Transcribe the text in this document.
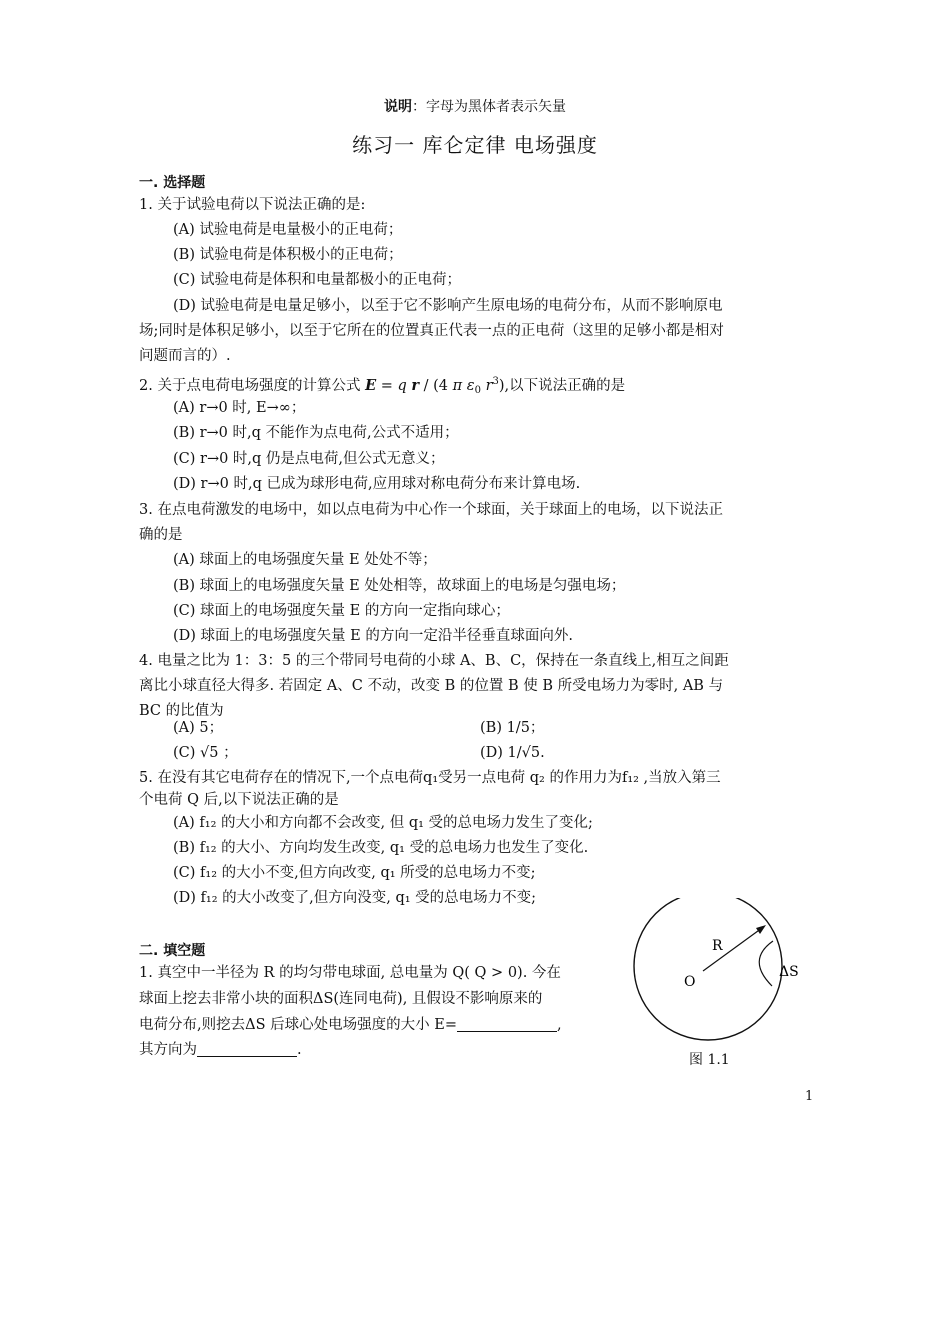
说明：字母为黑体者表示矢量
练习一 库仑定律 电场强度
一. 选择题
1. 关于试验电荷以下说法正确的是:
(A) 试验电荷是电量极小的正电荷；
(B) 试验电荷是体积极小的正电荷；
(C) 试验电荷是体积和电量都极小的正电荷；
(D) 试验电荷是电量足够小，以至于它不影响产生原电场的电荷分布，从而不影响原电
场;同时是体积足够小，以至于它所在的位置真正代表一点的正电荷（这里的足够小都是相对
问题而言的）.
2. 关于点电荷电场强度的计算公式 E = q r / (4 π $\varepsilon_0$ $r^3$),以下说法正确的是
(A) r→0 时, E→∞；
(B) r→0 时,q 不能作为点电荷,公式不适用；
(C) r→0 时,q 仍是点电荷,但公式无意义；
(D) r→0 时,q 已成为球形电荷,应用球对称电荷分布来计算电场.
3. 在点电荷激发的电场中，如以点电荷为中心作一个球面，关于球面上的电场，以下说法正
确的是
(A) 球面上的电场强度矢量 E 处处不等；
(B) 球面上的电场强度矢量 E 处处相等，故球面上的电场是匀强电场；
(C) 球面上的电场强度矢量 E 的方向一定指向球心；
(D) 球面上的电场强度矢量 E 的方向一定沿半径垂直球面向外.
4. 电量之比为 1：3：5 的三个带同号电荷的小球 A、B、C，保持在一条直线上,相互之间距
离比小球直径大得多. 若固定 A、C 不动，改变 B 的位置 B 使 B 所受电场力为零时, AB 与
BC 的比值为
(A) 5；	(B) 1/5；
(C) √5 ；	(D) 1/√5.
5. 在没有其它电荷存在的情况下,一个点电荷q₁受另一点电荷 q₂ 的作用力为f₁₂ ,当放入第三
个电荷 Q 后,以下说法正确的是
(A) f₁₂ 的大小和方向都不会改变, 但 q₁ 受的总电场力发生了变化;
(B) f₁₂ 的大小、方向均发生改变, q₁ 受的总电场力也发生了变化.
(C) f₁₂ 的大小不变,但方向改变, q₁ 所受的总电场力不变;
(D) f₁₂ 的大小改变了,但方向没变, q₁ 受的总电场力不变;
二. 填空题
1. 真空中一半径为 R 的均匀带电球面, 总电量为 Q( Q > 0). 今在
球面上挖去非常小块的面积ΔS(连同电荷), 且假设不影响原来的
电荷分布,则挖去ΔS 后球心处电场强度的大小 E=	,
其方向为	.
R
O
ΔS
图 1.1
1
